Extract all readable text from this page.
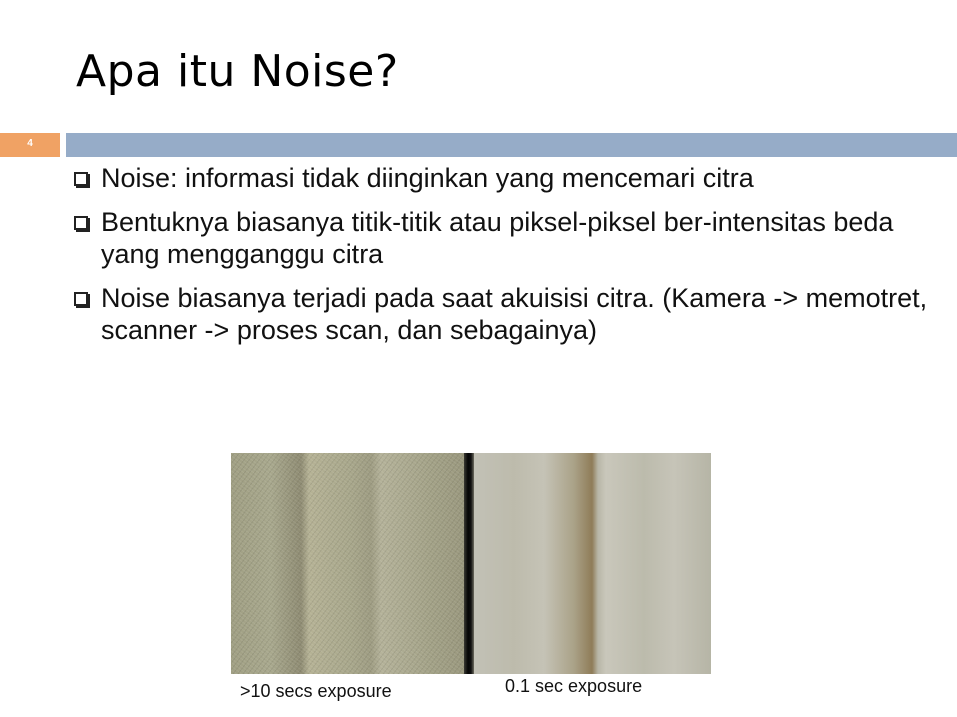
Apa itu Noise?
4
Noise: informasi tidak diinginkan yang mencemari citra
Bentuknya biasanya titik-titik atau piksel-piksel ber-intensitas beda yang mengganggu citra
Noise biasanya terjadi pada saat akuisisi citra. (Kamera -> memotret, scanner -> proses scan, dan sebagainya)
>10 secs exposure	0.1 sec exposure
